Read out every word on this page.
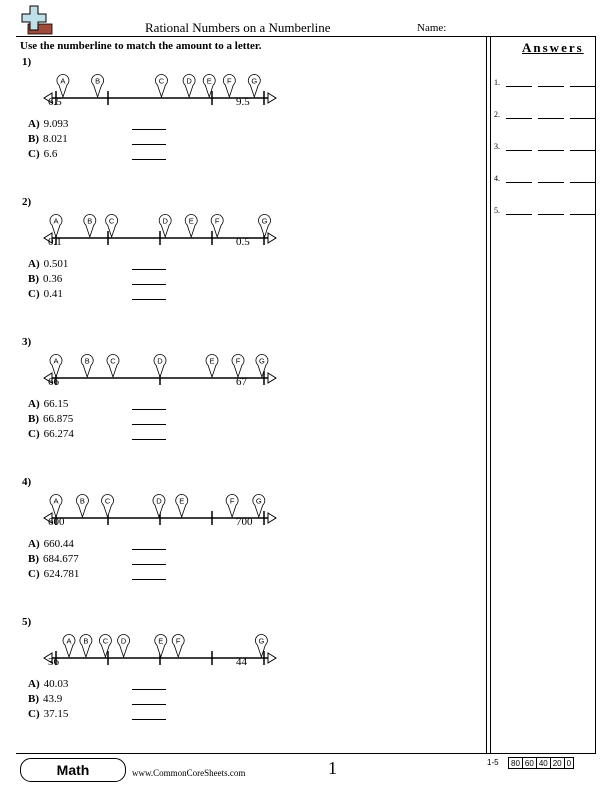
Rational Numbers on a Numberline	Name:
Use the numberline to match the amount to a letter.	Answers
1.
2.
3.
4.
5.
1)
A	B	C	D E F	G
6.5	9.5
A) 9.093
B) 8.021
C) 6.6
2)
A	B C	D	E	F	G
0.1	0.5
A) 0.501
B) 0.36
C) 0.41
3)
A	B	C	D	E	F G
66	67
A) 66.15
B) 66.875
C) 66.274
4)
A	B	C	D E	F	G
600	700
A) 660.44
B) 684.677
C) 624.781
5)
A B C D	E F	G
36	44
A) 40.03
B) 43.9
C) 37.15
Math	www.CommonCoreSheets.com	1	1-5 80	60	40	20	0
